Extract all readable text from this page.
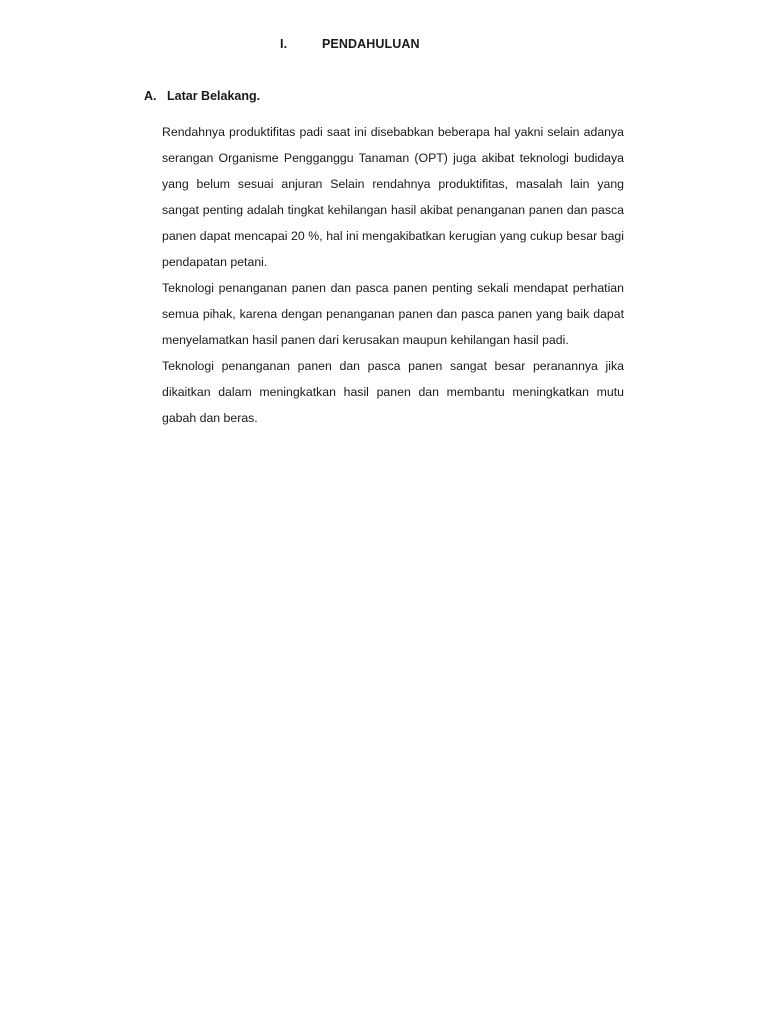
I.	PENDAHULUAN
A. Latar Belakang.

Rendahnya produktifitas padi saat ini disebabkan beberapa hal yakni selain adanya serangan Organisme Pengganggu Tanaman (OPT) juga akibat teknologi budidaya yang belum sesuai anjuran Selain rendahnya produktifitas, masalah lain yang sangat penting adalah tingkat kehilangan hasil akibat penanganan panen dan pasca panen dapat mencapai 20 %, hal ini mengakibatkan kerugian yang cukup besar bagi pendapatan petani.

Teknologi penanganan panen dan pasca panen penting sekali mendapat perhatian semua pihak, karena dengan penanganan panen dan pasca panen yang baik dapat menyelamatkan hasil panen dari kerusakan maupun kehilangan hasil padi.

Teknologi penanganan panen dan pasca panen sangat besar peranannya jika dikaitkan dalam meningkatkan hasil panen dan membantu meningkatkan mutu gabah dan beras.
